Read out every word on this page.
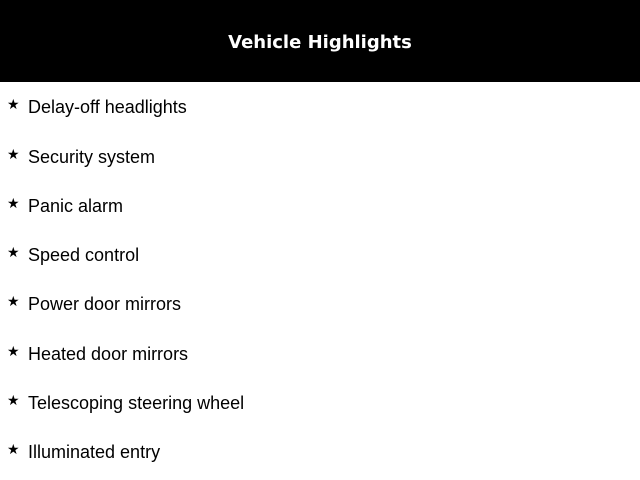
Vehicle Highlights
★ Delay-off headlights
★ Security system
★ Panic alarm
★ Speed control
★ Power door mirrors
★ Heated door mirrors
★ Telescoping steering wheel
★ Illuminated entry
